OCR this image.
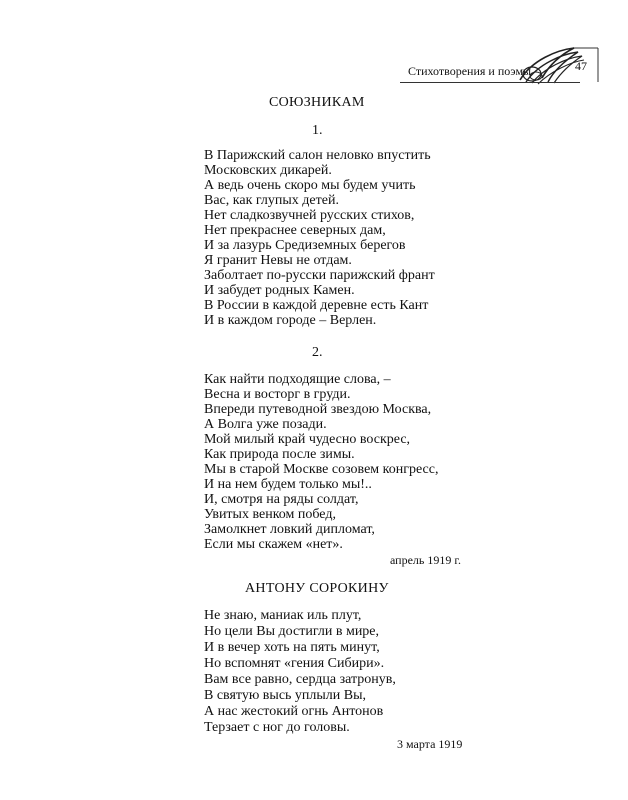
Стихотворения и поэмы	47
СОЮЗНИКАМ
1.
В Парижский салон неловко впустить
Московских дикарей.
А ведь очень скоро мы будем учить
Вас, как глупых детей.
Нет сладкозвучней русских стихов,
Нет прекраснее северных дам,
И за лазурь Средиземных берегов
Я гранит Невы не отдам.
Заболтает по-русски парижский франт
И забудет родных Камен.
В России в каждой деревне есть Кант
И в каждом городе – Верлен.
2.
Как найти подходящие слова, –
Весна и восторг в груди.
Впереди путеводной звездою Москва,
А Волга уже позади.
Мой милый край чудесно воскрес,
Как природа после зимы.
Мы в старой Москве созовем конгресс,
И на нем будем только мы!..
И, смотря на ряды солдат,
Увитых венком побед,
Замолкнет ловкий дипломат,
Если мы скажем «нет».
апрель 1919 г.
АНТОНУ СОРОКИНУ
Не знаю, маниак иль плут,
Но цели Вы достигли в мире,
И в вечер хоть на пять минут,
Но вспомнят «гения Сибири».
Вам все равно, сердца затронув,
В святую высь уплыли Вы,
А нас жестокий огнь Антонов
Терзает с ног до головы.
3 марта 1919
